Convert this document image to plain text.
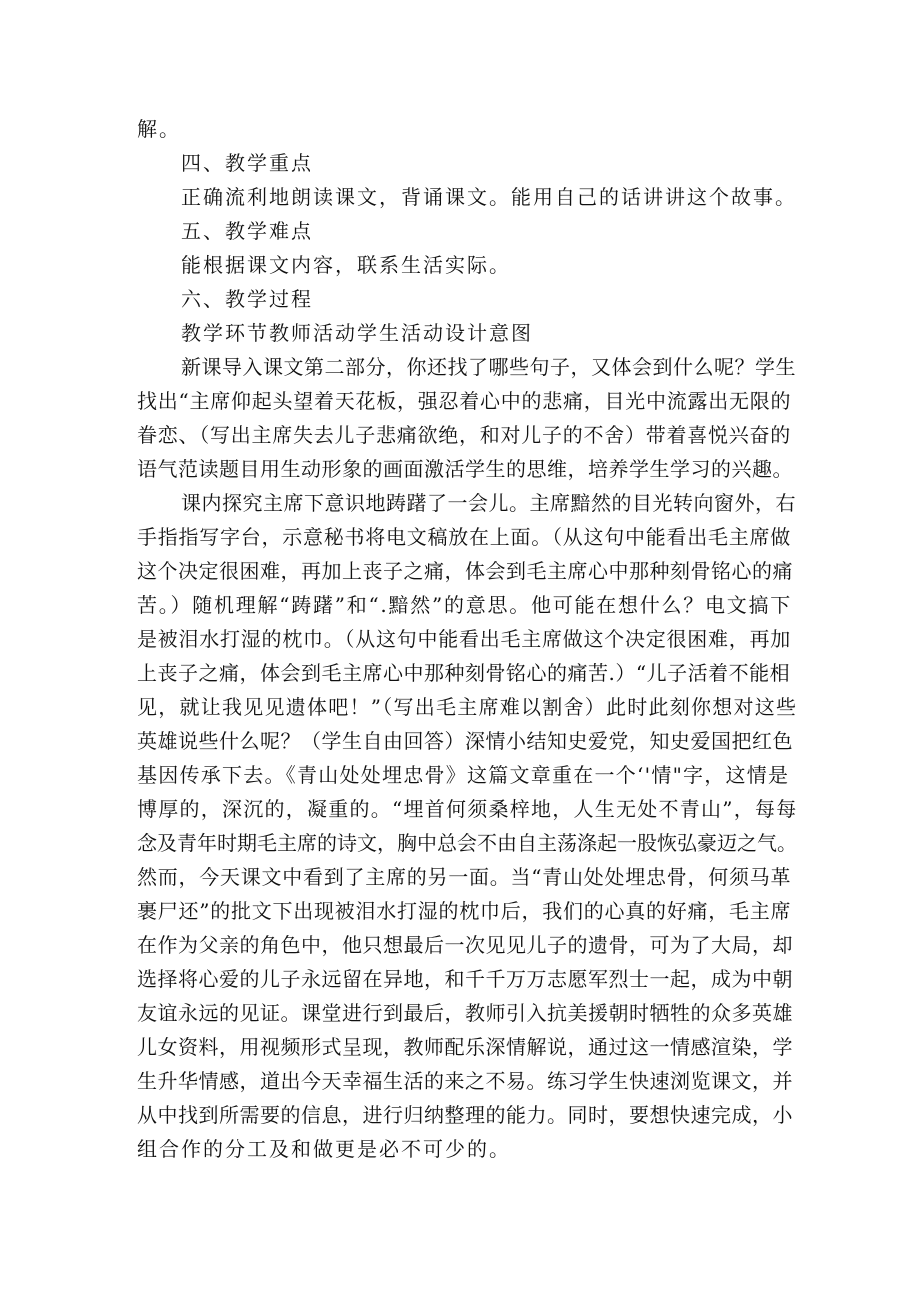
解。
四、教学重点
正确流利地朗读课文，背诵课文。能用自己的话讲讲这个故事。
五、教学难点
能根据课文内容，联系生活实际。
六、教学过程
教学环节教师活动学生活动设计意图
新课导入课文第二部分，你还找了哪些句子，又体会到什么呢？学生
找出“主席仰起头望着天花板，强忍着心中的悲痛，目光中流露出无限的
眷恋、（写出主席失去儿子悲痛欲绝，和对儿子的不舍）带着喜悦兴奋的
语气范读题目用生动形象的画面激活学生的思维，培养学生学习的兴趣。
课内探究主席下意识地踌躇了一会儿。主席黯然的目光转向窗外，右
手指指写字台，示意秘书将电文稿放在上面。（从这句中能看出毛主席做
这个决定很困难，再加上丧子之痛，体会到毛主席心中那种刻骨铭心的痛
苦。）随机理解“踌躇”和“.黯然”的意思。他可能在想什么？电文搞下
是被泪水打湿的枕巾。（从这句中能看出毛主席做这个决定很困难，再加
上丧子之痛，体会到毛主席心中那种刻骨铭心的痛苦.）“儿子活着不能相
见，就让我见见遗体吧！”（写出毛主席难以割舍）此时此刻你想对这些
英雄说些什么呢？（学生自由回答）深情小结知史爱党，知史爱国把红色
基因传承下去。《青山处处埋忠骨》这篇文章重在一个‘'情"字，这情是
博厚的，深沉的，凝重的。“埋首何须桑梓地，人生无处不青山”，每每
念及青年时期毛主席的诗文，胸中总会不由自主荡涤起一股恢弘豪迈之气。
然而，今天课文中看到了主席的另一面。当“青山处处埋忠骨，何须马革
裹尸还”的批文下出现被泪水打湿的枕巾后，我们的心真的好痛，毛主席
在作为父亲的角色中，他只想最后一次见见儿子的遗骨，可为了大局，却
选择将心爱的儿子永远留在异地，和千千万万志愿军烈士一起，成为中朝
友谊永远的见证。课堂进行到最后，教师引入抗美援朝时牺牲的众多英雄
儿女资料，用视频形式呈现，教师配乐深情解说，通过这一情感渲染，学
生升华情感，道出今天幸福生活的来之不易。练习学生快速浏览课文，并
从中找到所需要的信息，进行归纳整理的能力。同时，要想快速完成，小
组合作的分工及和做更是必不可少的。
